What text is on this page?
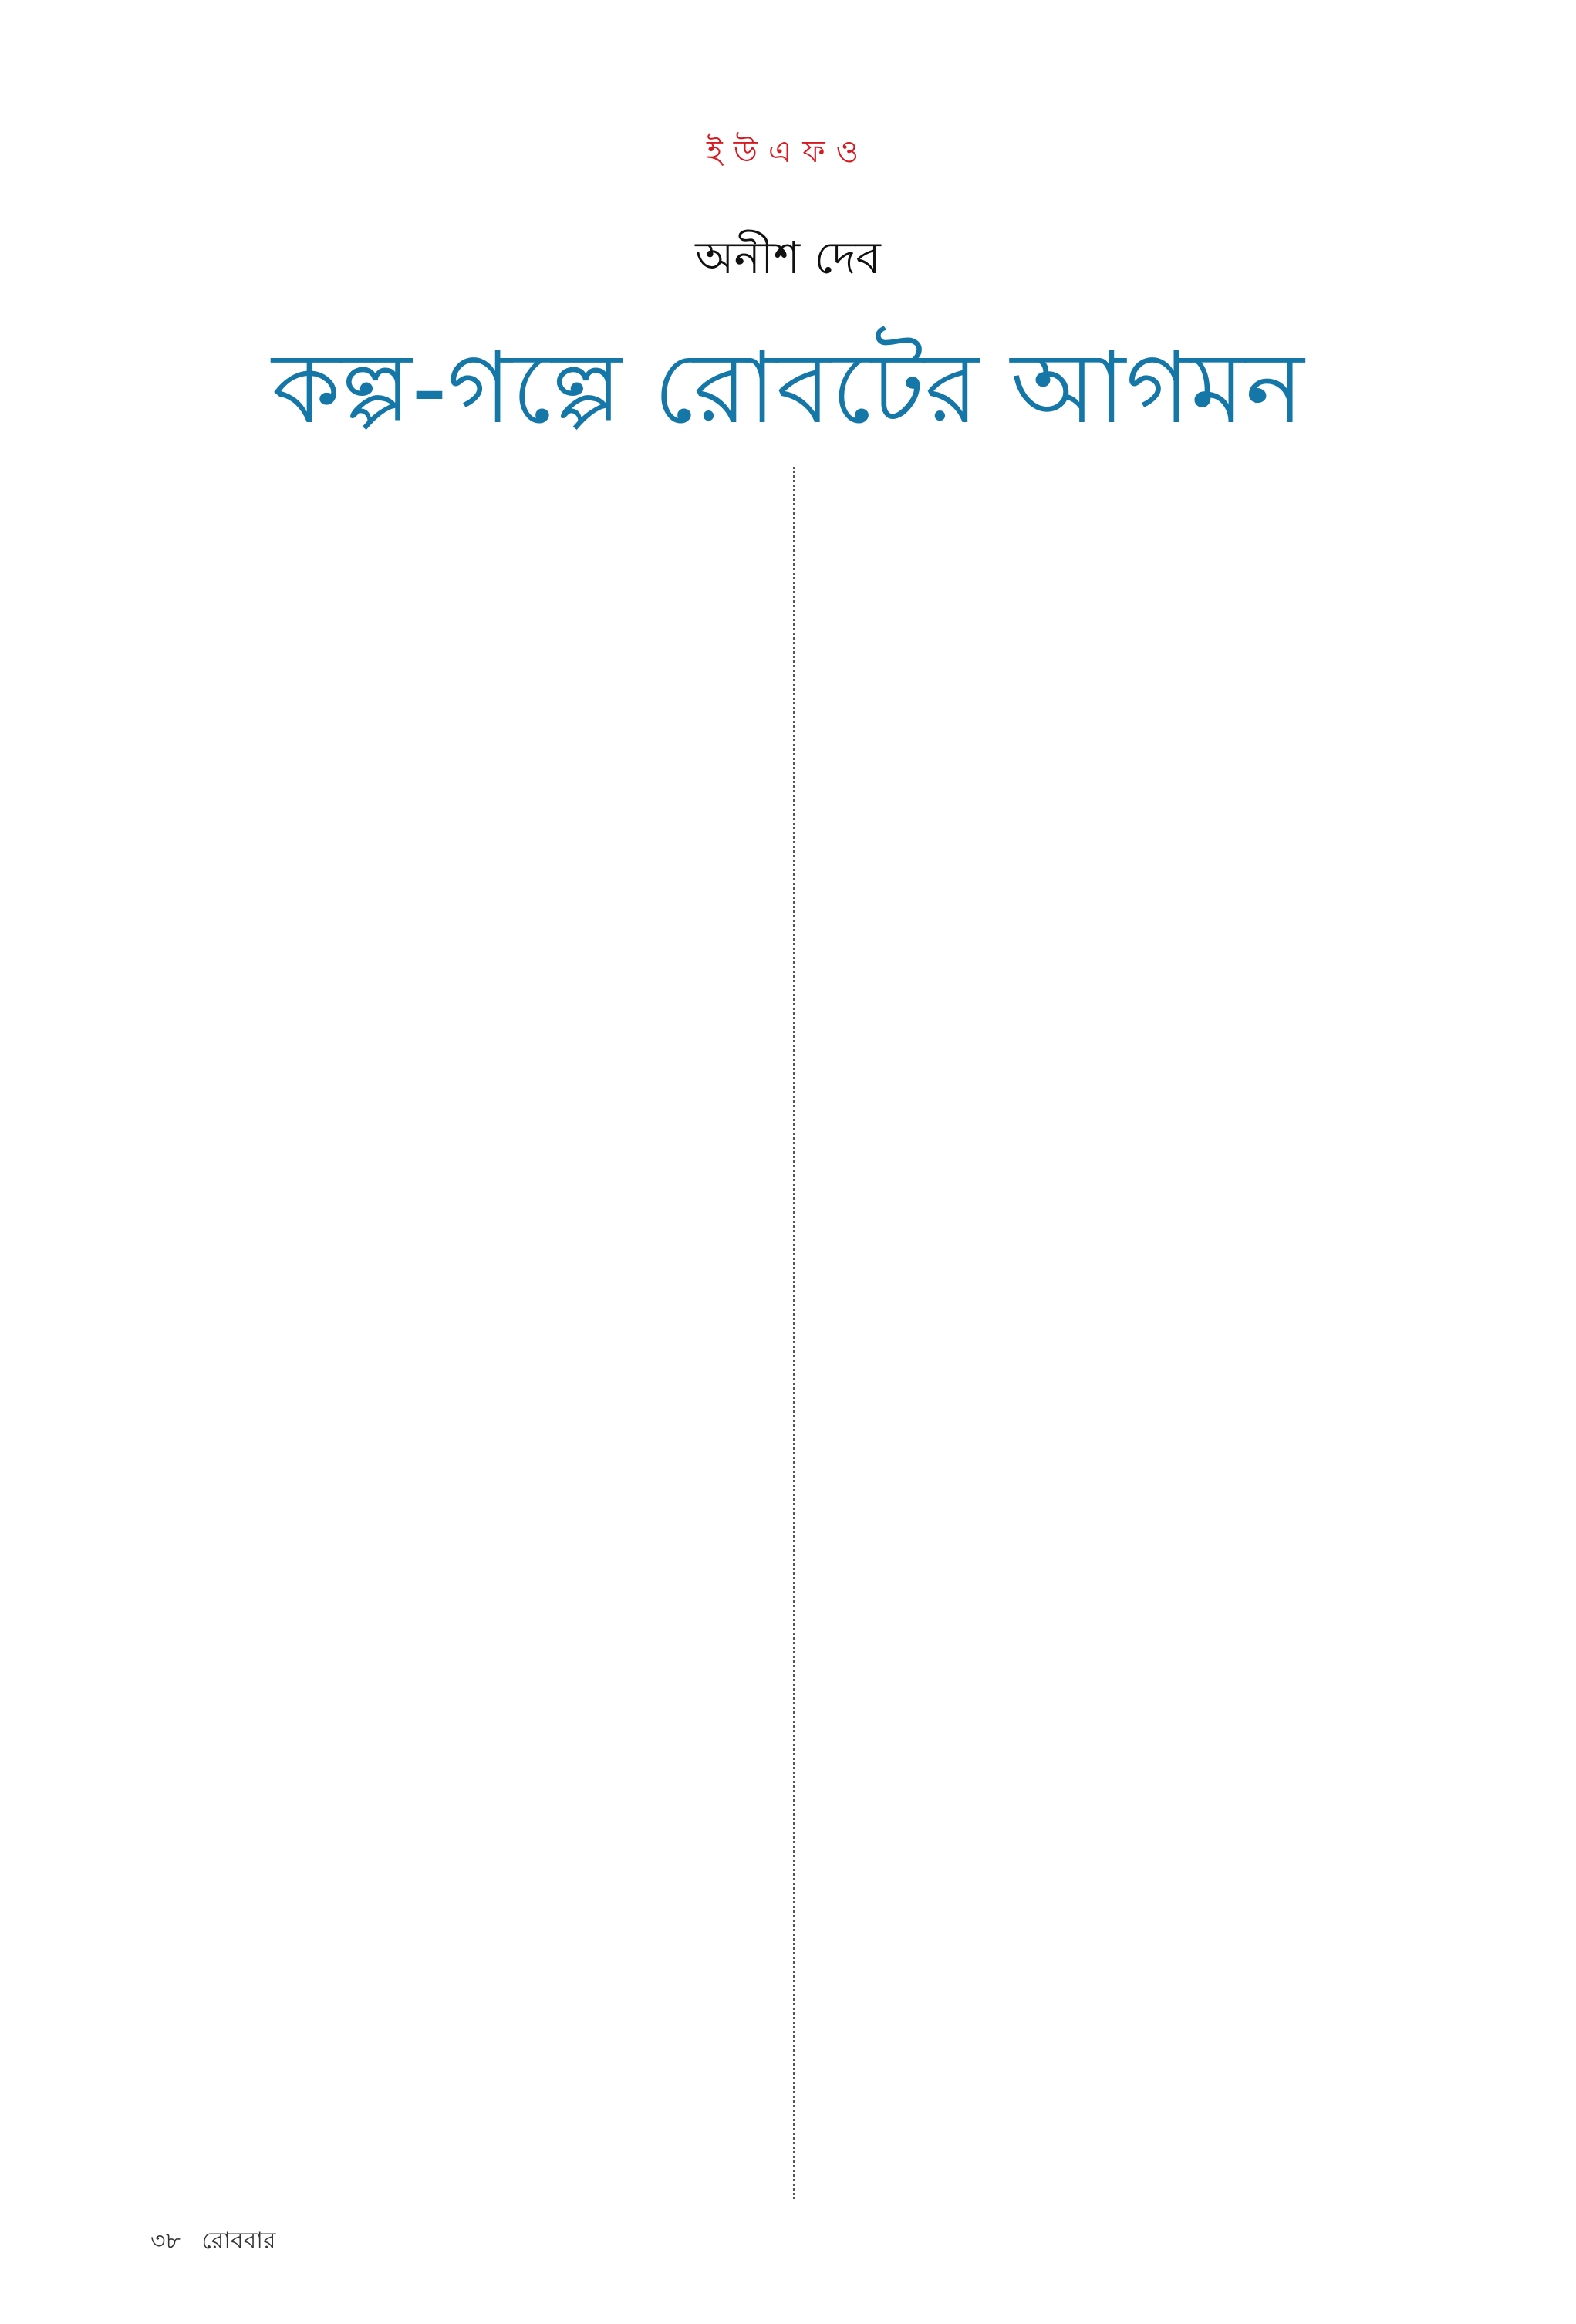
ইউএফও
অনীশ দেব
কল্প-গল্পে রোবটের আগমন
৩৮ রোববার
